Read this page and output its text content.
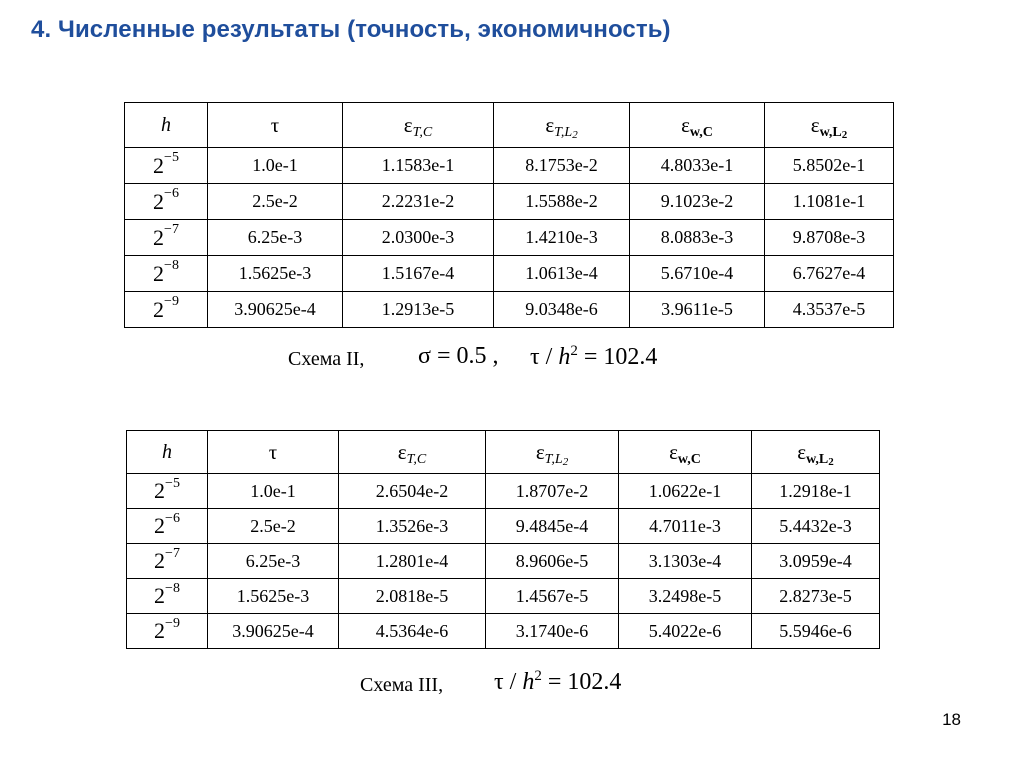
4. Численные результаты (точность, экономичность)
h	τ	$\varepsilon_{T,C}$	$\varepsilon_{T,L2}$	$\varepsilon_{w,C}$	$\varepsilon_{w,L2}$
$2^{-5}$	1.0e-1	1.1583e-1	8.1753e-2	4.8033e-1	5.8502e-1
$2^{-6}$	2.5e-2	2.2231e-2	1.5588e-2	9.1023e-2	1.1081e-1
$2^{-7}$	6.25e-3	2.0300e-3	1.4210e-3	8.0883e-3	9.8708e-3
$2^{-8}$	1.5625e-3	1.5167e-4	1.0613e-4	5.6710e-4	6.7627e-4
$2^{-9}$	3.90625e-4	1.2913e-5	9.0348e-6	3.9611e-5	4.3537e-5
Схема II, σ = 0.5 , $\tau / h^2 = 102.4$
h	τ	$\varepsilon_{T,C}$	$\varepsilon_{T,L2}$	$\varepsilon_{w,C}$	$\varepsilon_{w,L2}$
$2^{-5}$	1.0e-1	2.6504e-2	1.8707e-2	1.0622e-1	1.2918e-1
$2^{-6}$	2.5e-2	1.3526e-3	9.4845e-4	4.7011e-3	5.4432e-3
$2^{-7}$	6.25e-3	1.2801e-4	8.9606e-5	3.1303e-4	3.0959e-4
$2^{-8}$	1.5625e-3	2.0818e-5	1.4567e-5	3.2498e-5	2.8273e-5
$2^{-9}$	3.90625e-4	4.5364e-6	3.1740e-6	5.4022e-6	5.5946e-6
Схема III, $\tau / h^2 = 102.4$
18
